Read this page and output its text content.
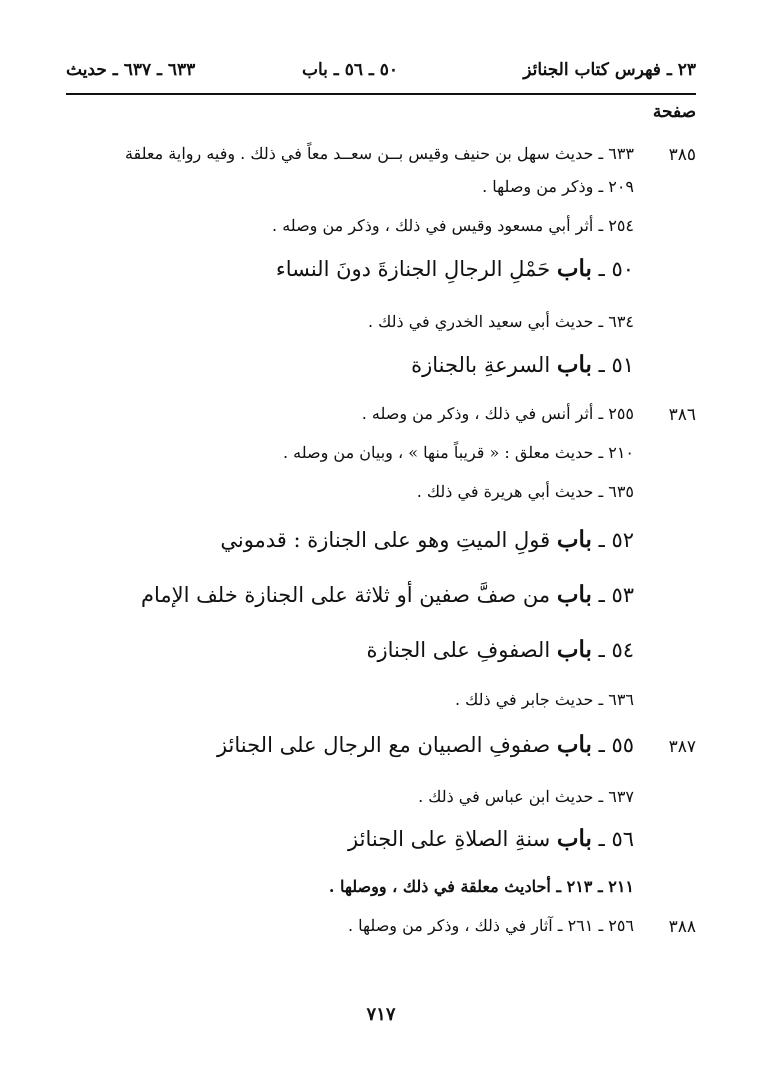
٢٣ ـ فهرس كتاب الجنائز
٥٠ ـ ٥٦ ـ باب
٦٣٣ ـ ٦٣٧ ـ حديث
صفحة
٣٨٥
٦٣٣ ـ حديث سهل بن حنيف وقيس بــن سعــد معاً في ذلك . وفيه رواية معلقة
٢٠٩ ـ وذكر من وصلها .
٢٥٤ ـ أثر أبي مسعود وقيس في ذلك ، وذكر من وصله .
٥٠ ـ باب حَمْلِ الرجالِ الجنازةَ دونَ النساء
٦٣٤ ـ حديث أبي سعيد الخدري في ذلك .
٥١ ـ باب السرعةِ بالجنازة
٣٨٦
٢٥٥ ـ أثر أنس في ذلك ، وذكر من وصله .
٢١٠ ـ حديث معلق : « قريباً منها » ، وبيان من وصله .
٦٣٥ ـ حديث أبي هريرة في ذلك .
٥٢ ـ باب قولِ الميتِ وهو على الجنازة : قدموني
٥٣ ـ باب من صفَّ صفين أو ثلاثة على الجنازة خلف الإمام
٥٤ ـ باب الصفوفِ على الجنازة
٦٣٦ ـ حديث جابر في ذلك .
٣٨٧
٥٥ ـ باب صفوفِ الصبيان مع الرجال على الجنائز
٦٣٧ ـ حديث ابن عباس في ذلك .
٥٦ ـ باب سنةِ الصلاةِ على الجنائز
٢١١ ـ ٢١٣ ـ أحاديث معلقة في ذلك ، ووصلها .
٣٨٨
٢٥٦ ـ ٢٦١ ـ آثار في ذلك ، وذكر من وصلها .
٧١٧
